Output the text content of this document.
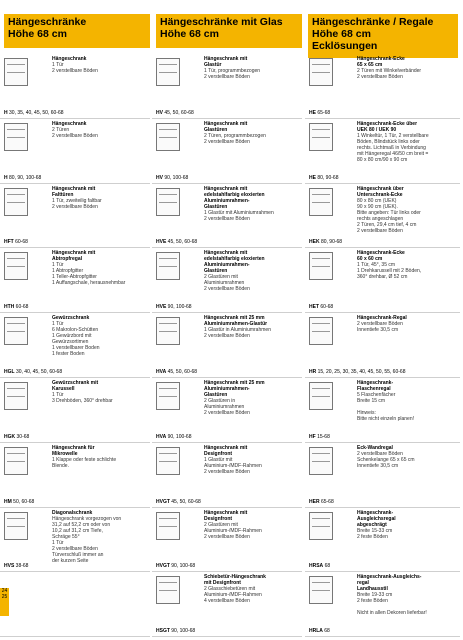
Hängeschränke
Höhe 68 cm
Hängeschränke mit Glas
Höhe 68 cm
Hängeschränke / Regale
Höhe 68 cm
Ecklösungen
Hängeschrank
1 Tür
2 verstellbare Böden
H 30, 35, 40, 45, 50, 60-68
Hängeschrank mit
Glastür
1 Tür, programmbezogen
2 verstellbare Böden
HV 45, 50, 60-68
Hängeschrank-Ecke
65 x 65 cm
2 Türen mit Winkelverbänder
2 verstellbare Böden
HE 65-68
Hängeschrank
2 Türen
2 verstellbare Böden
H 80, 90, 100-68
Hängeschrank mit
Glastüren
2 Türen, programmbezogen
2 verstellbare Böden
HV 90, 100-68
Hängeschrank-Ecke über
UEK 80 / UEK 90
1 Winkeltür, 1 Tür, 2 verstellbare
Böden, Blindstück links oder
rechts. Lichtmaß in Verbindung
mit Hängeregal 46/50 cm breit =
80 x 80 cm/90 x 90 cm
HE 80, 90-68
Hängeschrank mit
Falttüren
1 Tür, zweiteilig faltbar
2 verstellbare Böden
HFT 60-68
Hängeschrank mit
edelstahlfarbig eloxierten
Aluminiumrahmen-
Glastüren
1 Glastür mit Aluminiumrahmen
2 verstellbare Böden
HVE 45, 50, 60-68
Hängeschrank über
Unterschrank-Ecke
80 x 80 cm (UEK)
90 x 90 cm (UEK).
Bitte angeben: Tür links oder
rechts angeschlagen
2 Türen, 29,4 cm tief, 4 cm
2 verstellbare Böden
HEK 80, 90-68
Hängeschrank mit
Abtropfregal
1 Tür
1 Abtropfgitter
1 Teller-Abtropfgitter
1 Auffangschale, herausnehmbar
HTH 60-68
Hängeschrank mit
edelstahlfarbig eloxierten
Aluminiumrahmen-
Glastüren
2 Glastüren mit
Aluminiumrahmen
2 verstellbare Böden
HVE 90, 100-68
Hängeschrank-Ecke
60 x 60 cm
1 Tür, 45°, 35 cm
1 Drehkarussell mit 2 Böden,
360° drehbar, Ø 52 cm
HET 60-68
Gewürzschrank
1 Tür
6 Makrolon-Schütten
1 Gewürzbord mit
Gewürzsortimen
1 verstellbarer Boden
1 fester Boden
HGL 30, 40, 45, 50, 60-68
Hängeschrank mit 25 mm
Aluminiumrahmen-Glastür
1 Glastür in Aluminiumrahmen
2 verstellbare Böden
HVA 45, 50, 60-68
Hängeschrank-Regal
2 verstellbare Böden
Innentiefe 30,5 cm
HR 15, 20, 25, 30, 35, 40, 45, 50, 55, 60-68
Gewürzschrank mit
Karussell
1 Tür
3 Drehböden, 360° drehbar
HGK 30-68
Hängeschrank mit 25 mm
Aluminiumrahmen-
Glastüren
2 Glastüren in
Aluminiumrahmen
2 verstellbare Böden
HVA 90, 100-68
Hängeschrank-
Flaschenregal
5 Flaschenfächer
Breite 15 cm

Hinweis:
Bitte nicht einzeln planen!
HF 15-68
Hängeschrank für
Mikrowelle
1 Klappe oder feste schlichte
Blende.
HM 50, 60-68
Hängeschrank mit
Designfront
1 Glastür mit
Aluminium-/MDF-Rahmen
2 verstellbare Böden
HVGT 45, 50, 60-68
Eck-Wandregal
2 verstellbare Böden
Schenkelange 65 x 65 cm
Innentiefe 30,5 cm
HER 65-68
Diagonalschrank
Hängeschrank vorgezogen von
31,2 auf 52,2 cm oder von
10,2 auf 31,2 cm Tiefe,
Schräge 55°
1 Tür
2 verstellbare Böden
Türverschluß immer an
der kurzen Seite
HVS 38-68
Hängeschrank mit
Designfront
2 Glastüren mit
Aluminium-/MDF-Rahmen
2 verstellbare Böden
HVGT 90, 100-68
Hängeschrank-
Ausgleichsregal
abgeschrägt
Breite 15-33 cm
2 feste Böden
HRSA 68
Schiebetür-Hängeschrank
mit Designfront
2 Glasschiebetüren mit
Aluminium-/MDF-Rahmen
4 verstellbare Böden
HSGT 90, 100-68
Hängeschrank-Ausgleichs-
regal
Landhausstil
Breite 19-33 cm
2 feste Böden

Nicht in allen Dekoren lieferbar!
HRLA 68
24
25
